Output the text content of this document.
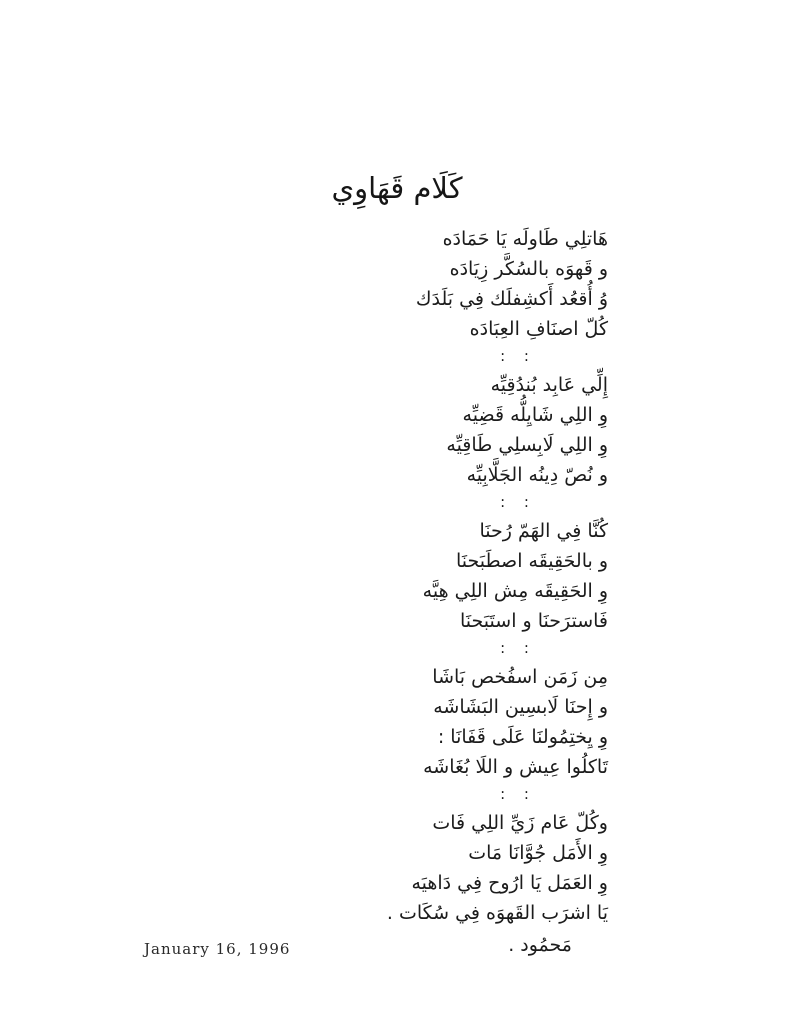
كَلَام قَهَاوِي
هَاتلِي طَاولَه يَا حَمَادَه
و قَهوَه بالسُكَّر زِيَادَه
وُ أُقعُد أَكشِفلَك فِي بَلَدَك
كُلّ اصنَافِ العِبَادَه
: :
إِلِّي عَابِد بُندُقِيِّه
وِ اللِي شَايِلُّه قَضِيِّه
وِ اللِي لَابِسلِي طَاقِيِّه
و نُصّ دِينُه الجَلَّابِيِّه
: :
كُنَّا فِي الهَمّ رُحنَا
و بالحَقِيقَه اصطَبَحنَا
وِ الحَقِيقَه مِش اللِي هِيَّه
فَاسترَحنَا و استَبَحنَا
: :
مِن زَمَن اسفُخص بَاشَا
و إِحنَا لَابسِين البَشَاشَه
وِ يِختِمُولنَا عَلَى قَفَانَا :
تَاكلُوا عِيش و اللَا بُغَاشَه
: :
وكُلّ عَام زَيِّ اللِي فَات
وِ الأَمَل جُوَّانَا مَات
وِ العَمَل يَا ارُوح فِي دَاهيَه
يَا اشرَب القَهوَه فِي سُكَات .
مَحمُود .
January 16, 1996
